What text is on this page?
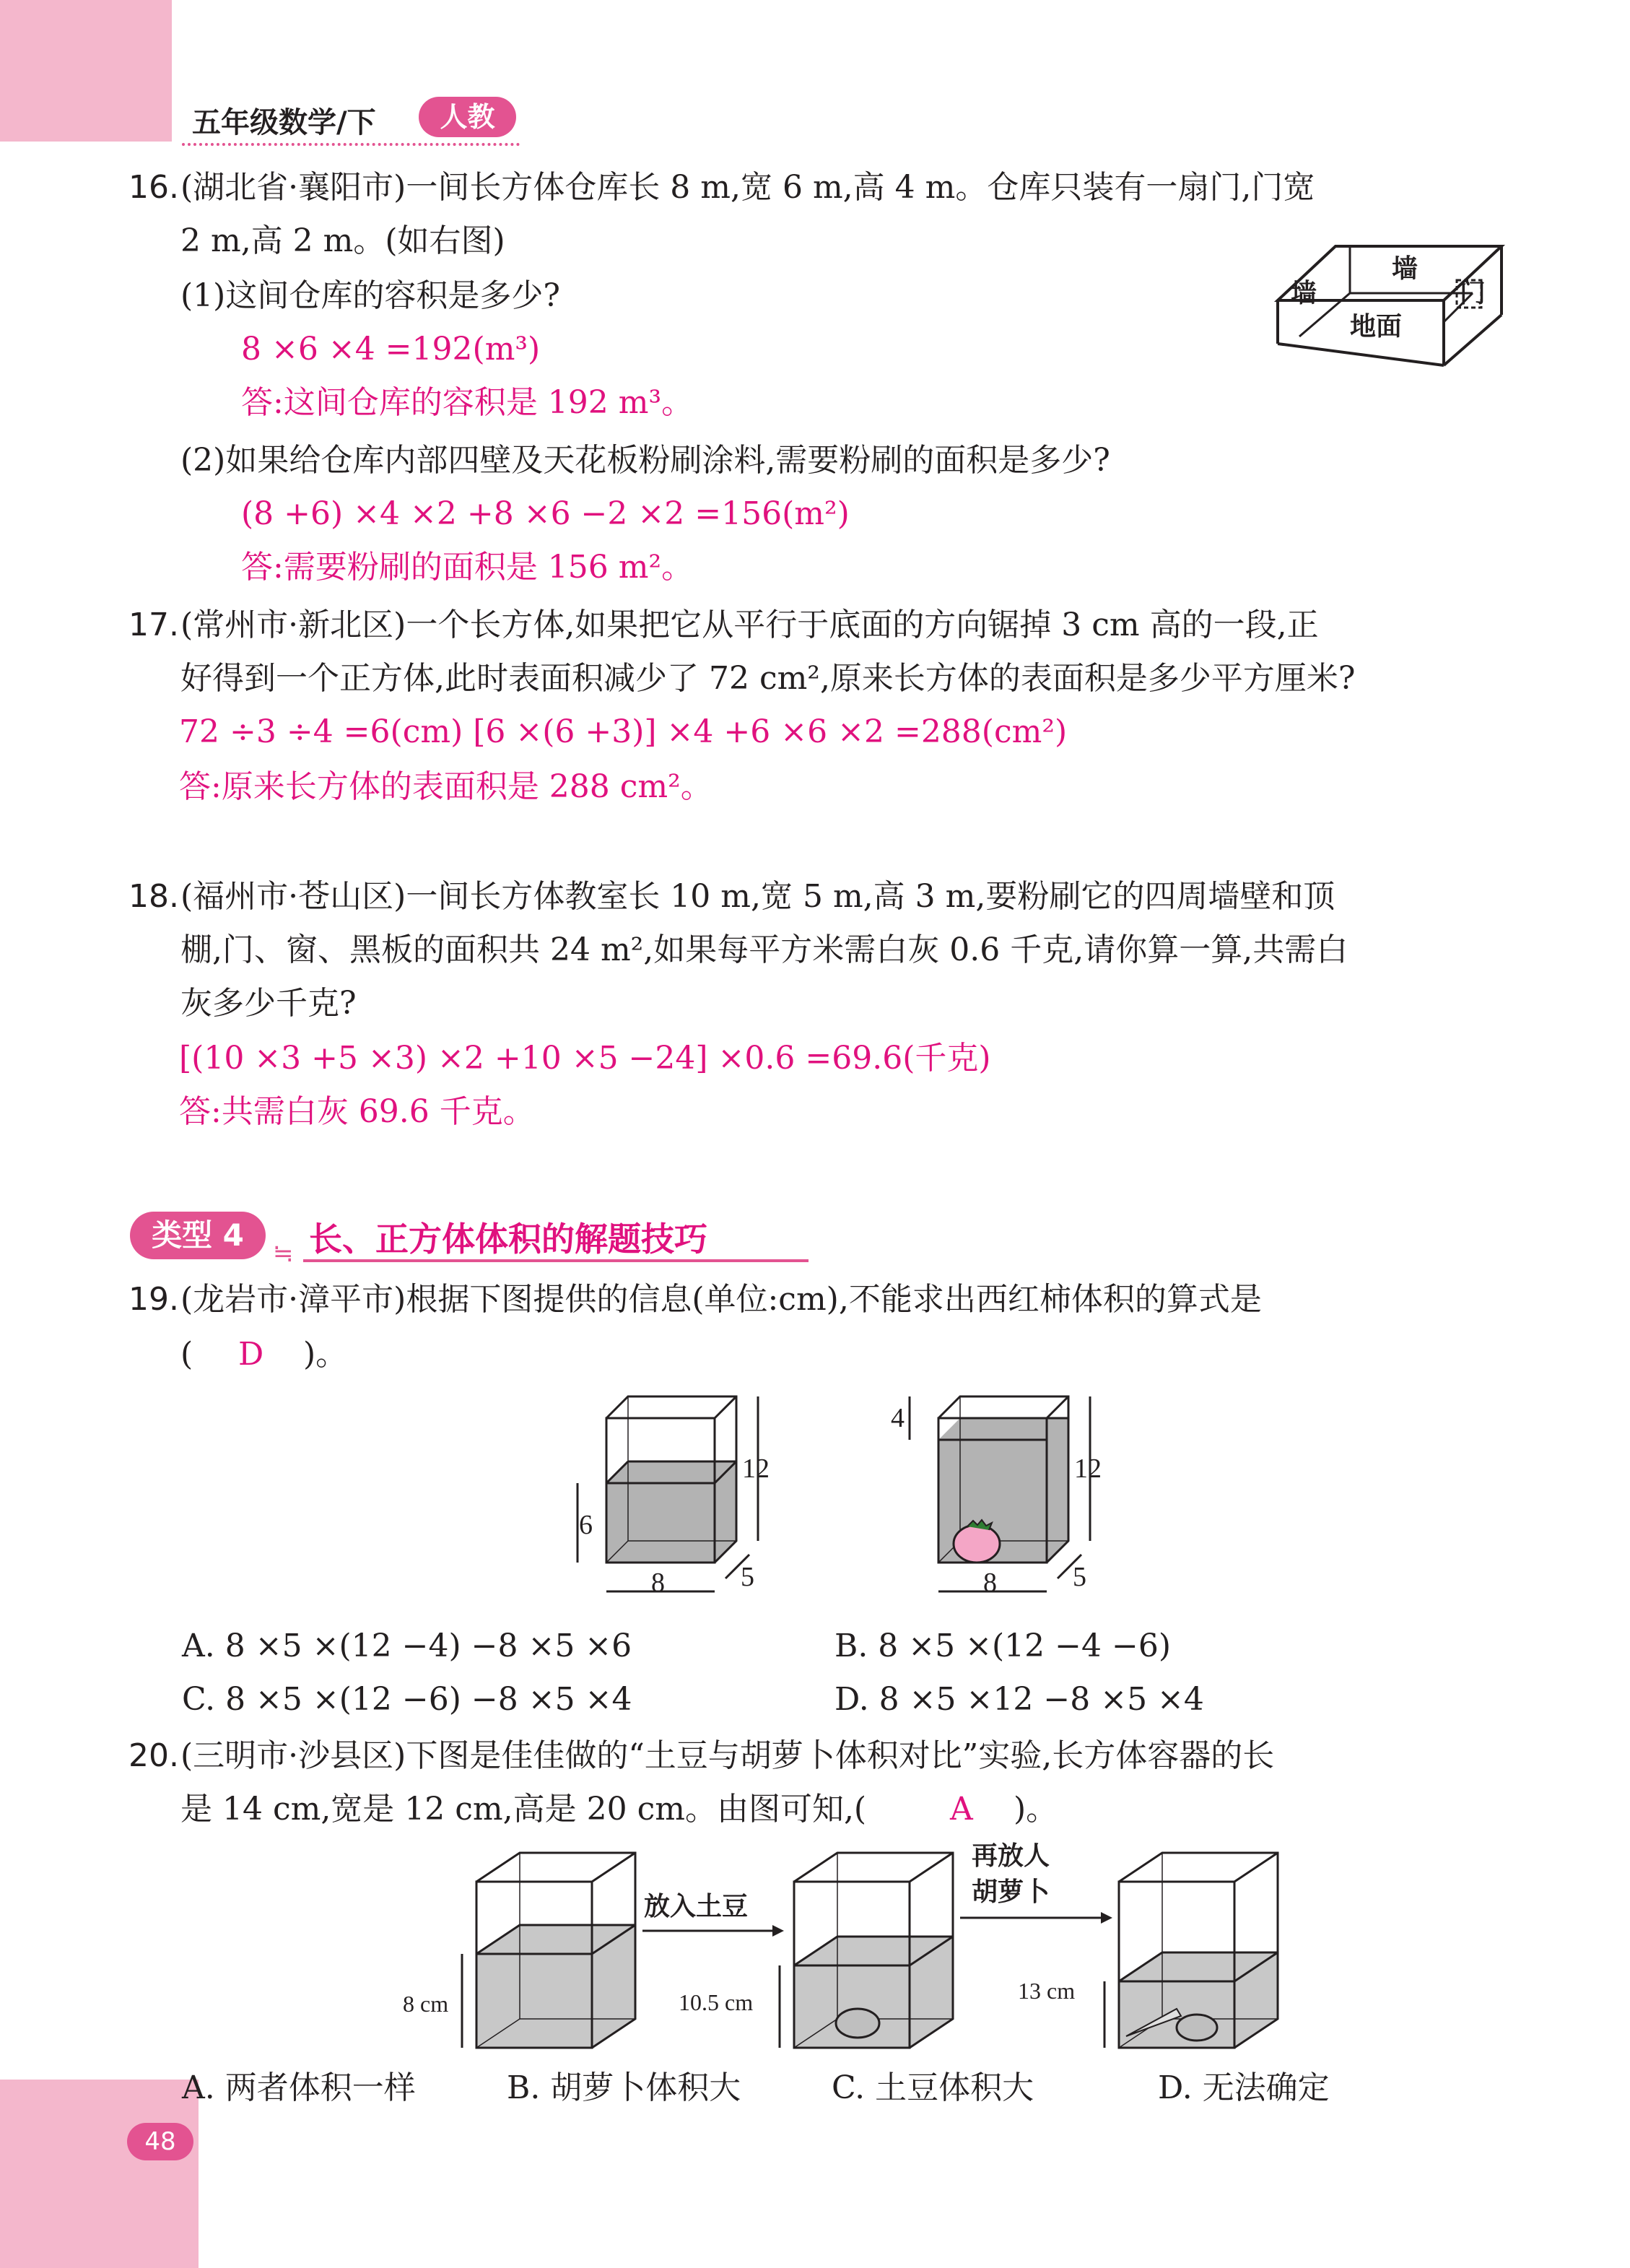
48
五年级数学/下	人教
16. (湖北省·襄阳市)一间长方体仓库长 8 m,宽 6 m,高 4 m。仓库只装有一扇门,门宽
2 m,高 2 m。(如右图)
(1)这间仓库的容积是多少?
8 ×6 ×4 =192(m³)
答:这间仓库的容积是 192 m³。
(2)如果给仓库内部四壁及天花板粉刷涂料,需要粉刷的面积是多少?
(8 +6) ×4 ×2 +8 ×6 −2 ×2 =156(m²)
答:需要粉刷的面积是 156 m²。
墙
墙
门
地面
17. (常州市·新北区)一个长方体,如果把它从平行于底面的方向锯掉 3 cm 高的一段,正
好得到一个正方体,此时表面积减少了 72 cm²,原来长方体的表面积是多少平方厘米?
72 ÷3 ÷4 =6(cm) [6 ×(6 +3)] ×4 +6 ×6 ×2 =288(cm²)
答:原来长方体的表面积是 288 cm²。
18. (福州市·苍山区)一间长方体教室长 10 m,宽 5 m,高 3 m,要粉刷它的四周墙壁和顶
棚,门、窗、黑板的面积共 24 m²,如果每平方米需白灰 0.6 千克,请你算一算,共需白
灰多少千克?
[(10 ×3 +5 ×3) ×2 +10 ×5 −24] ×0.6 =69.6(千克)
答:共需白灰 69.6 千克。
类型 4
≒ 长、正方体体积的解题技巧
19. (龙岩市·漳平市)根据下图提供的信息(单位:cm),不能求出西红柿体积的算式是
( D )。
12
6
8	5
4
12
8	5
A. 8 ×5 ×(12 −4) −8 ×5 ×6	B. 8 ×5 ×(12 −4 −6)
C. 8 ×5 ×(12 −6) −8 ×5 ×4	D. 8 ×5 ×12 −8 ×5 ×4
20. (三明市·沙县区)下图是佳佳做的“土豆与胡萝卜体积对比”实验,长方体容器的长
是 14 cm,宽是 12 cm,高是 20 cm。由图可知,(	A )。
8 cm
放入土豆
10.5 cm
再放人
胡萝卜
13 cm
A. 两者体积一样	B. 胡萝卜体积大	C. 土豆体积大	D. 无法确定
